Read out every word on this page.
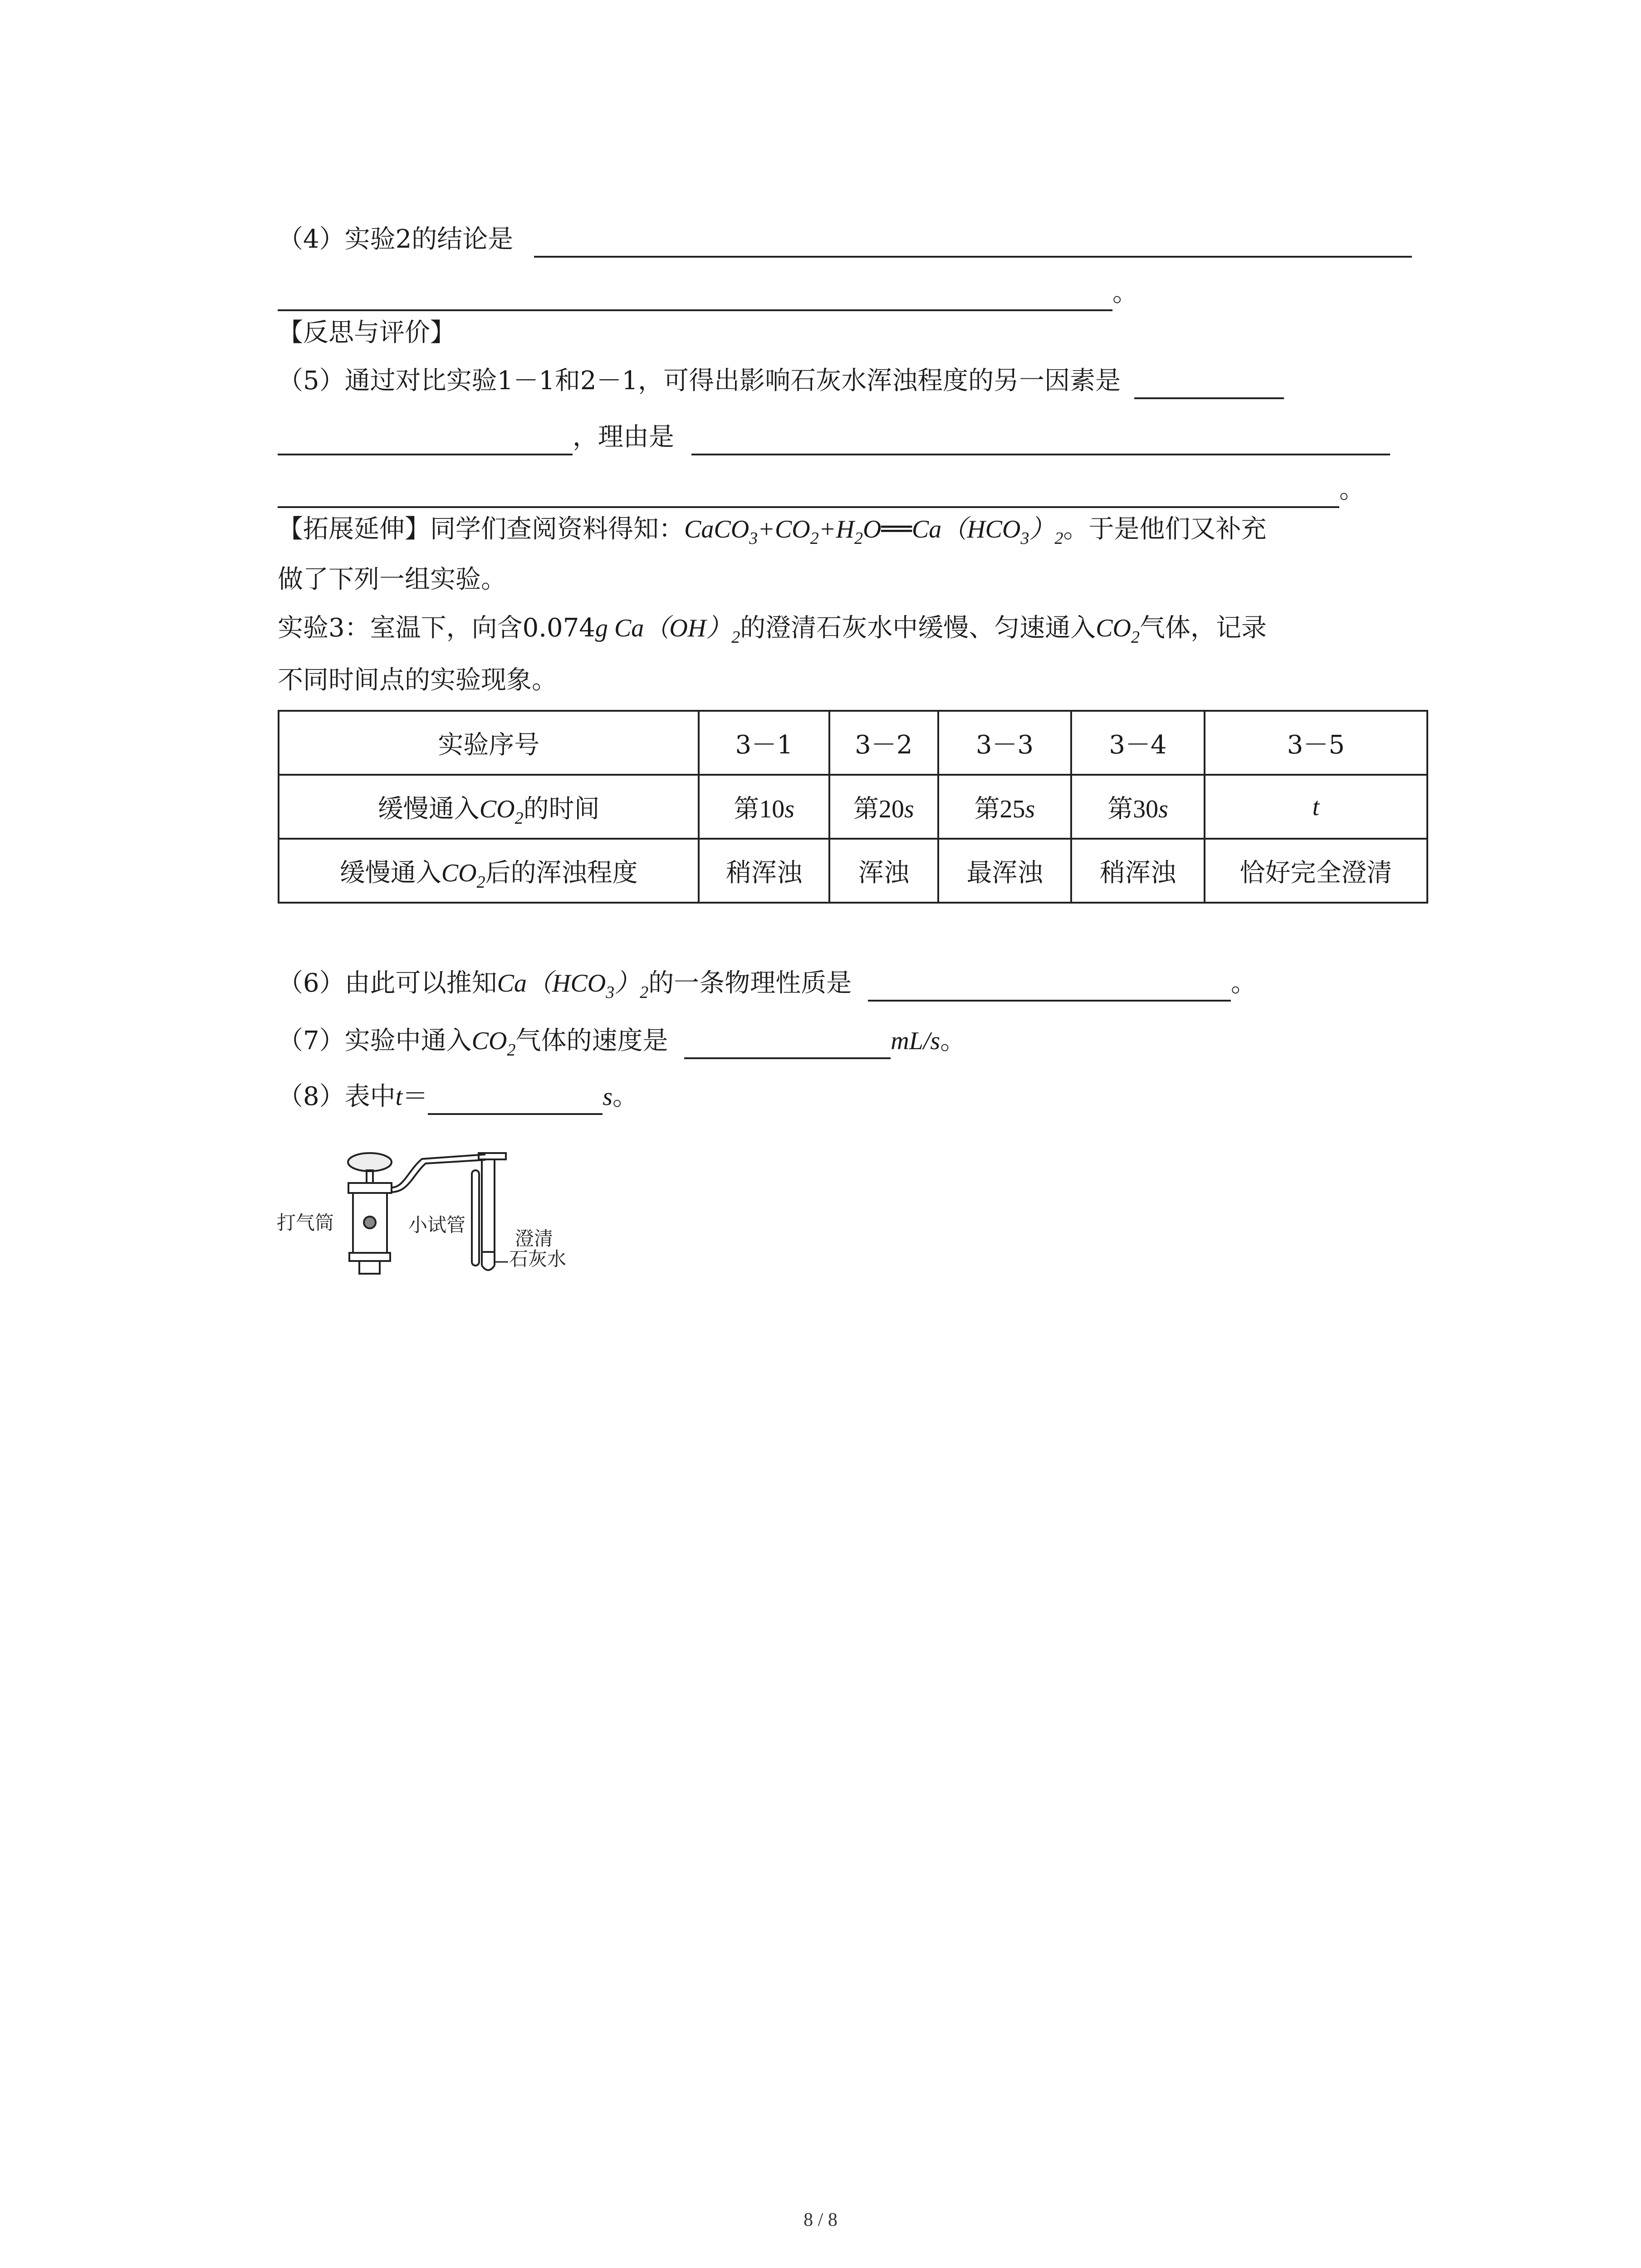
（4）实验2的结论是
。
【反思与评价】
（5）通过对比实验1－1和2－1，可得出影响石灰水浑浊程度的另一因素是
，理由是
。
【拓展延伸】同学们查阅资料得知：$CaCO_3+CO_2+H_2O══Ca(HCO_3)_2$。于是他们又补充
做了下列一组实验。
实验3：室温下，向含0.074g $Ca(OH)_2$的澄清石灰水中缓慢、匀速通入$CO_2$气体，记录
不同时间点的实验现象。
实验序号	3－1	3－2	3－3	3－4	3－5
缓慢通入$CO_2$的时间	第10s	第20s	第25s	第30s	t
缓慢通入$CO_2$后的浑浊程度	稍浑浊	浑浊	最浑浊	稍浑浊	恰好完全澄清
（6）由此可以推知$Ca(HCO_3)_2$的一条物理性质是	。
（7）实验中通入$CO_2$气体的速度是	mL/s。
（8）表中t＝	s。
打气筒	小试管
澄清
石灰水
8 / 8
